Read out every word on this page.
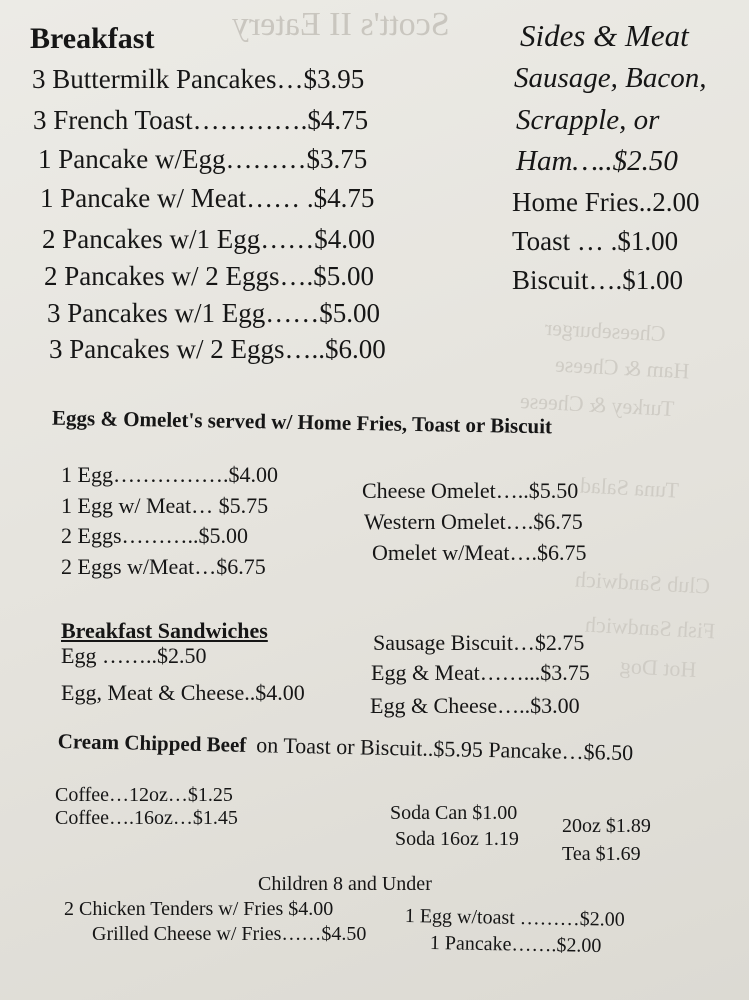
Scott's II Eatery
Cheeseburger
Ham & Cheese
Turkey & Cheese
Tuna Salad
Club Sandwich
Fish Sandwich
Hot Dog
Breakfast
3 Buttermilk Pancakes…$3.95
3 French Toast………….$4.75
1 Pancake w/Egg………$3.75
1 Pancake w/ Meat…… .$4.75
2 Pancakes w/1 Egg……$4.00
2 Pancakes w/ 2 Eggs….$5.00
3 Pancakes w/1 Egg……$5.00
3 Pancakes w/ 2 Eggs…..$6.00
Sides & Meat
Sausage, Bacon,
Scrapple, or
Ham…..$2.50
Home Fries..2.00
Toast … .$1.00
Biscuit….$1.00
Eggs & Omelet's served w/ Home Fries, Toast or Biscuit
1 Egg…………….$4.00
1 Egg w/ Meat… $5.75
2 Eggs………..$5.00
2 Eggs w/Meat…$6.75
Cheese Omelet…..$5.50
Western Omelet….$6.75
Omelet w/Meat….$6.75
Breakfast Sandwiches
Egg ……..$2.50
Egg, Meat & Cheese..$4.00
Sausage Biscuit…$2.75
Egg & Meat……...$3.75
Egg & Cheese…..$3.00
Cream Chipped Beef on Toast or Biscuit..$5.95 Pancake…$6.50
Coffee…12oz…$1.25
Coffee….16oz…$1.45	Soda Can $1.00
20oz $1.89
Soda 16oz 1.19
Tea $1.69
Children 8 and Under
2 Chicken Tenders w/ Fries $4.00	1 Egg w/toast ………$2.00
Grilled Cheese w/ Fries……$4.50	1 Pancake…….$2.00
